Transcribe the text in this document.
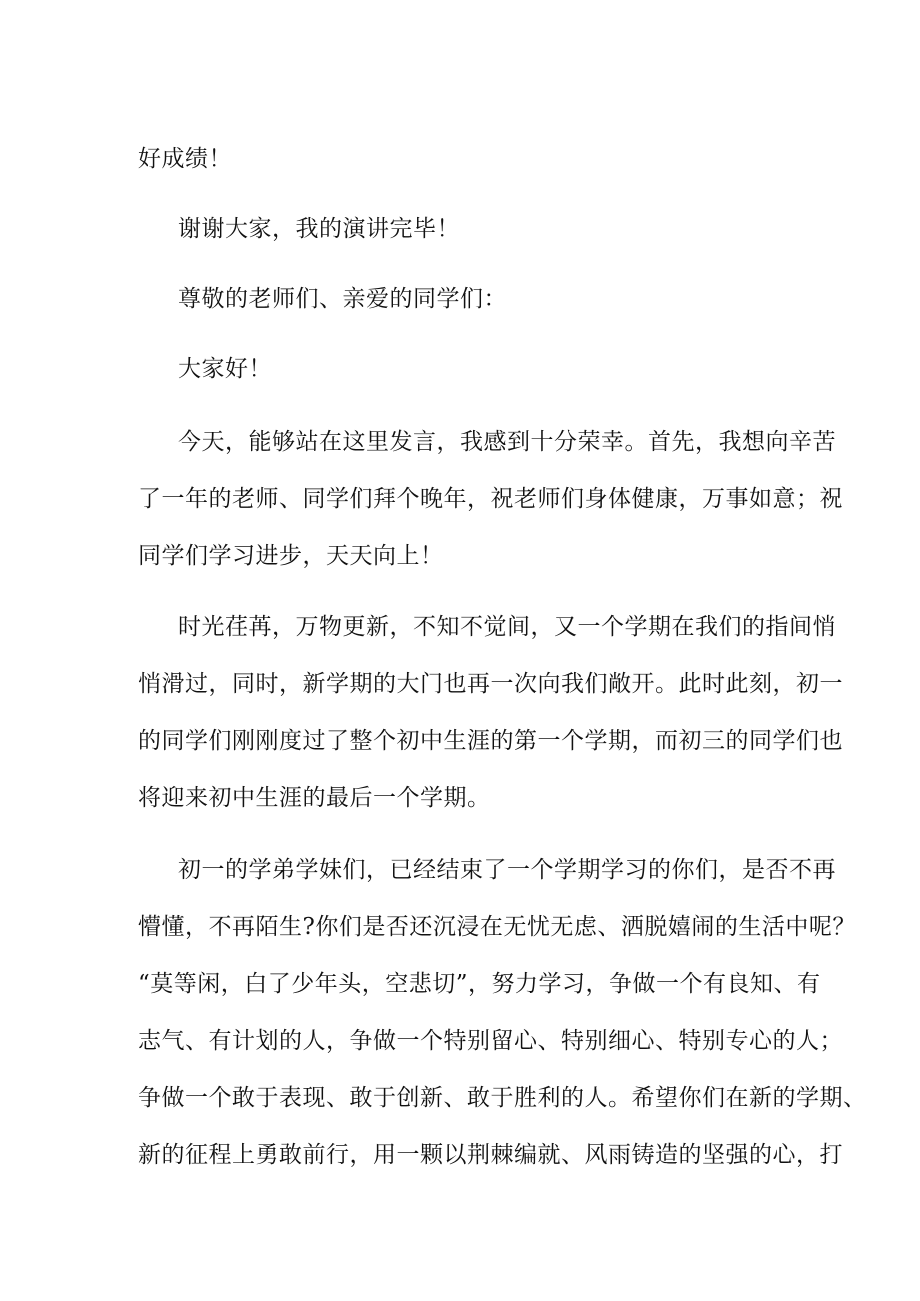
好成绩！
谢谢大家，我的演讲完毕！
尊敬的老师们、亲爱的同学们：
大家好！
今天，能够站在这里发言，我感到十分荣幸。首先，我想向辛苦
了一年的老师、同学们拜个晚年，祝老师们身体健康，万事如意；祝
同学们学习进步，天天向上！
时光荏苒，万物更新，不知不觉间，又一个学期在我们的指间悄
悄滑过，同时，新学期的大门也再一次向我们敞开。此时此刻，初一
的同学们刚刚度过了整个初中生涯的第一个学期，而初三的同学们也
将迎来初中生涯的最后一个学期。
初一的学弟学妹们，已经结束了一个学期学习的你们，是否不再
懵懂，不再陌生?你们是否还沉浸在无忧无虑、洒脱嬉闹的生活中呢？
“莫等闲，白了少年头，空悲切”，努力学习，争做一个有良知、有
志气、有计划的人，争做一个特别留心、特别细心、特别专心的人；
争做一个敢于表现、敢于创新、敢于胜利的人。希望你们在新的学期、
新的征程上勇敢前行，用一颗以荆棘编就、风雨铸造的坚强的心，打
